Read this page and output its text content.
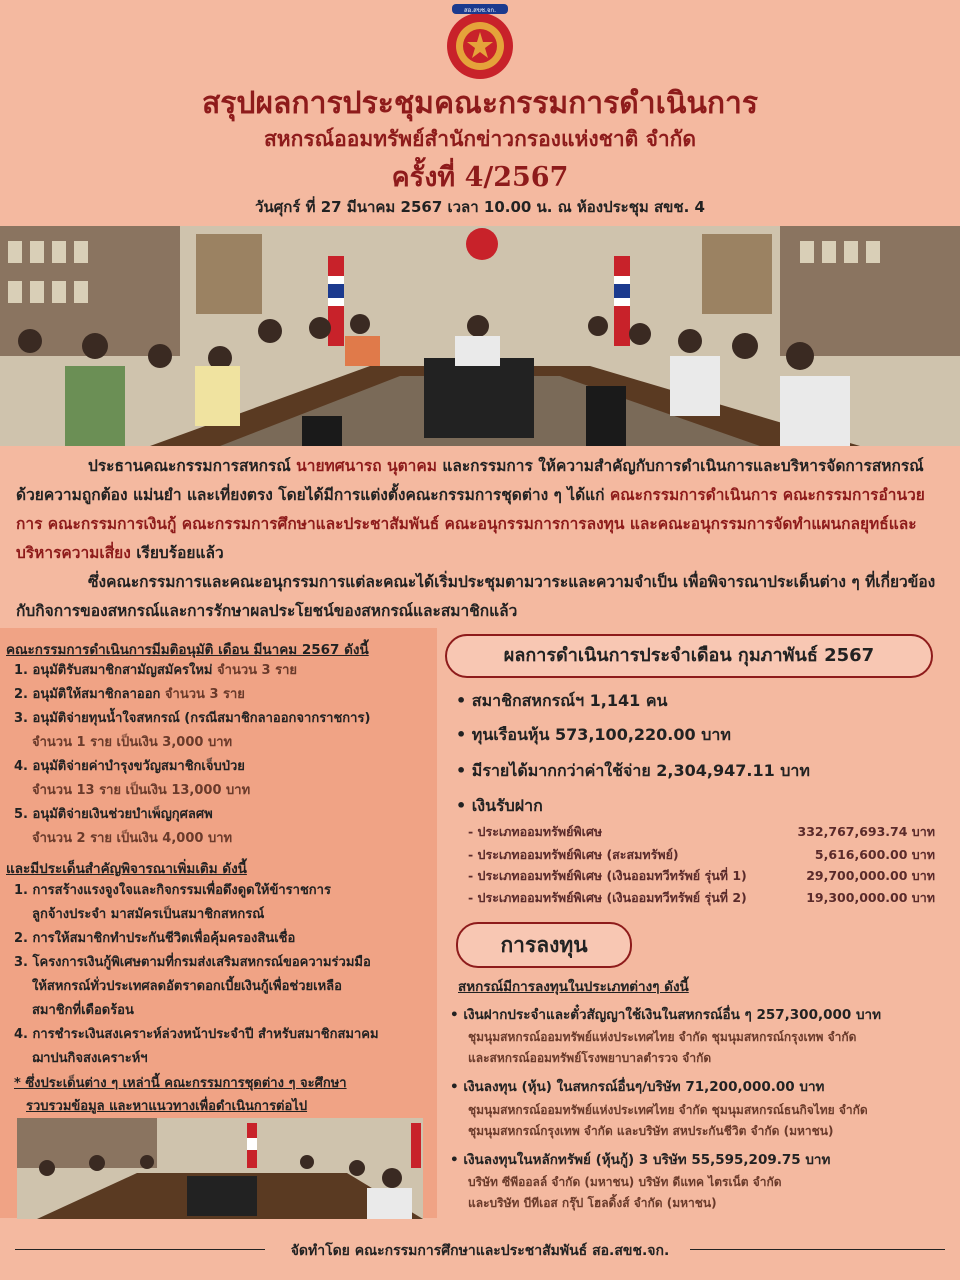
สอ.สขช.จก.
สรุปผลการประชุมคณะกรรมการดำเนินการ
สหกรณ์ออมทรัพย์สำนักข่าวกรองแห่งชาติ จำกัด
ครั้งที่ 4/2567
วันศุกร์ ที่ 27 มีนาคม 2567 เวลา 10.00 น. ณ ห้องประชุม สขช. 4

ประธานคณะกรรมการสหกรณ์ นายทศนารถ นุตาคม และกรรมการ ให้ความสำคัญกับการดำเนินการและบริหารจัดการสหกรณ์ด้วยความถูกต้อง แม่นยำ และเที่ยงตรง โดยได้มีการแต่งตั้งคณะกรรมการชุดต่าง ๆ ได้แก่ คณะกรรมการดำเนินการ คณะกรรมการอำนวยการ คณะกรรมการเงินกู้ คณะกรรมการศึกษาและประชาสัมพันธ์ คณะอนุกรรมการการลงทุน และคณะอนุกรรมการจัดทำแผนกลยุทธ์และบริหารความเสี่ยง เรียบร้อยแล้ว

ซึ่งคณะกรรมการและคณะอนุกรรมการแต่ละคณะได้เริ่มประชุมตามวาระและความจำเป็น เพื่อพิจารณาประเด็นต่าง ๆ ที่เกี่ยวข้องกับกิจการของสหกรณ์และการรักษาผลประโยชน์ของสหกรณ์และสมาชิกแล้ว

คณะกรรมการดำเนินการมีมติอนุมัติ เดือน มีนาคม 2567 ดังนี้
1. อนุมัติรับสมาชิกสามัญสมัครใหม่ จำนวน 3 ราย
2. อนุมัติให้สมาชิกลาออก จำนวน 3 ราย
3. อนุมัติจ่ายทุนน้ำใจสหกรณ์ (กรณีสมาชิกลาออกจากราชการ)
จำนวน 1 ราย เป็นเงิน 3,000 บาท
4. อนุมัติจ่ายค่าบำรุงขวัญสมาชิกเจ็บป่วย
จำนวน 13 ราย เป็นเงิน 13,000 บาท
5. อนุมัติจ่ายเงินช่วยบำเพ็ญกุศลศพ
จำนวน 2 ราย เป็นเงิน 4,000 บาท
และมีประเด็นสำคัญพิจารณาเพิ่มเติม ดังนี้
1. การสร้างแรงจูงใจและกิจกรรมเพื่อดึงดูดให้ข้าราชการ
ลูกจ้างประจำ มาสมัครเป็นสมาชิกสหกรณ์
2. การให้สมาชิกทำประกันชีวิตเพื่อคุ้มครองสินเชื่อ
3. โครงการเงินกู้พิเศษตามที่กรมส่งเสริมสหกรณ์ขอความร่วมมือ
ให้สหกรณ์ทั่วประเทศลดอัตราดอกเบี้ยเงินกู้เพื่อช่วยเหลือ
สมาชิกที่เดือดร้อน
4. การชำระเงินสงเคราะห์ล่วงหน้าประจำปี สำหรับสมาชิกสมาคม
ฌาปนกิจสงเคราะห์ฯ
* ซึ่งประเด็นต่าง ๆ เหล่านี้ คณะกรรมการชุดต่าง ๆ จะศึกษา
รวบรวมข้อมูล และหาแนวทางเพื่อดำเนินการต่อไป
ผลการดำเนินการประจำเดือน กุมภาพันธ์ 2567
• สมาชิกสหกรณ์ฯ 1,141 คน
• ทุนเรือนหุ้น 573,100,220.00 บาท
• มีรายได้มากกว่าค่าใช้จ่าย 2,304,947.11 บาท
• เงินรับฝาก
- ประเภทออมทรัพย์พิเศษ	332,767,693.74 บาท
- ประเภทออมทรัพย์พิเศษ (สะสมทรัพย์)	5,616,600.00 บาท
- ประเภทออมทรัพย์พิเศษ (เงินออมทวีทรัพย์ รุ่นที่ 1)	29,700,000.00 บาท
- ประเภทออมทรัพย์พิเศษ (เงินออมทวีทรัพย์ รุ่นที่ 2)	19,300,000.00 บาท
การลงทุน
สหกรณ์มีการลงทุนในประเภทต่างๆ ดังนี้
• เงินฝากประจำและตั๋วสัญญาใช้เงินในสหกรณ์อื่น ๆ 257,300,000 บาท
ชุมนุมสหกรณ์ออมทรัพย์แห่งประเทศไทย จำกัด ชุมนุมสหกรณ์กรุงเทพ จำกัด
และสหกรณ์ออมทรัพย์โรงพยาบาลตำรวจ จำกัด
• เงินลงทุน (หุ้น) ในสหกรณ์อื่นๆ/บริษัท 71,200,000.00 บาท
ชุมนุมสหกรณ์ออมทรัพย์แห่งประเทศไทย จำกัด ชุมนุมสหกรณ์ธนกิจไทย จำกัด
ชุมนุมสหกรณ์กรุงเทพ จำกัด และบริษัท สหประกันชีวิต จำกัด (มหาชน)
• เงินลงทุนในหลักทรัพย์ (หุ้นกู้) 3 บริษัท 55,595,209.75 บาท
บริษัท ซีพีออลล์ จำกัด (มหาชน) บริษัท ดีแทค ไตรเน็ต จำกัด
และบริษัท บีทีเอส กรุ๊ป โฮลดิ้งส์ จำกัด (มหาชน)
จัดทำโดย คณะกรรมการศึกษาและประชาสัมพันธ์ สอ.สขช.จก.
